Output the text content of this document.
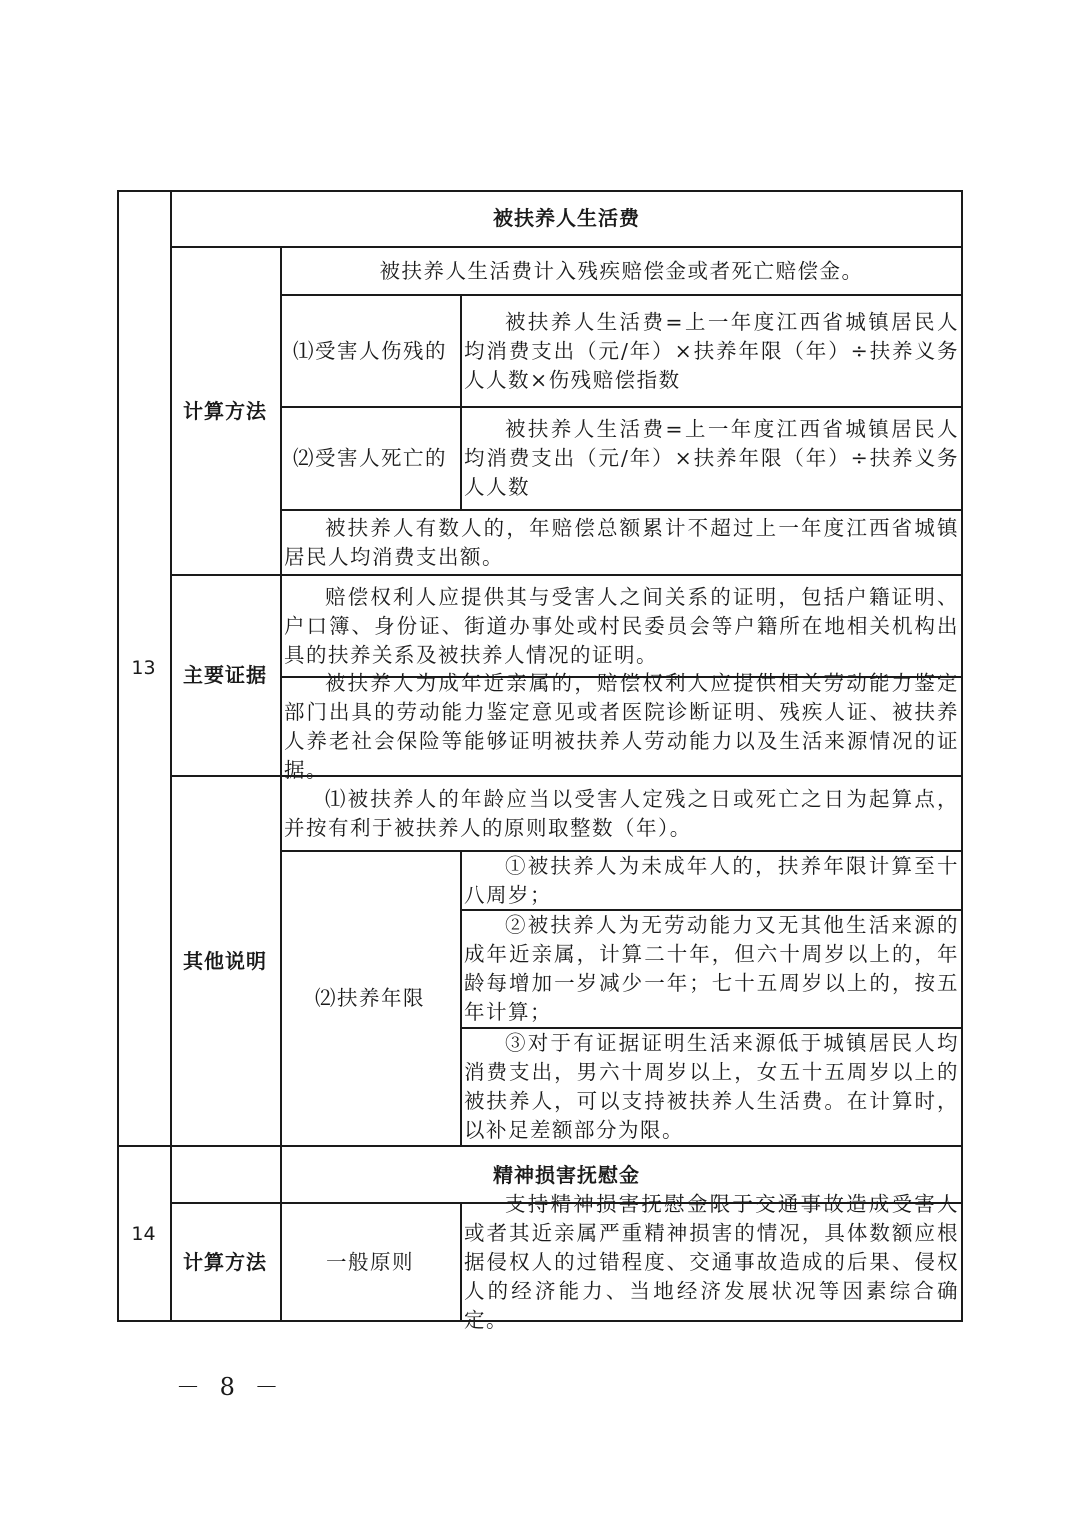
13
被扶养人生活费
计算方法
被扶养人生活费计入残疾赔偿金或者死亡赔偿金。
⑴受害人伤残的
被扶养人生活费=上一年度江西省城镇居民人均消费支出（元/年）×扶养年限（年）÷扶养义务人人数×伤残赔偿指数
⑵受害人死亡的
被扶养人生活费=上一年度江西省城镇居民人均消费支出（元/年）×扶养年限（年）÷扶养义务人人数
被扶养人有数人的，年赔偿总额累计不超过上一年度江西省城镇居民人均消费支出额。
主要证据
赔偿权利人应提供其与受害人之间关系的证明，包括户籍证明、户口簿、身份证、街道办事处或村民委员会等户籍所在地相关机构出具的扶养关系及被扶养人情况的证明。
被扶养人为成年近亲属的，赔偿权利人应提供相关劳动能力鉴定部门出具的劳动能力鉴定意见或者医院诊断证明、残疾人证、被扶养人养老社会保险等能够证明被扶养人劳动能力以及生活来源情况的证据。
其他说明
⑴被扶养人的年龄应当以受害人定残之日或死亡之日为起算点，并按有利于被扶养人的原则取整数（年）。
⑵扶养年限
①被扶养人为未成年人的，扶养年限计算至十八周岁；
②被扶养人为无劳动能力又无其他生活来源的成年近亲属，计算二十年，但六十周岁以上的，年龄每增加一岁减少一年；七十五周岁以上的，按五年计算；
③对于有证据证明生活来源低于城镇居民人均消费支出，男六十周岁以上，女五十五周岁以上的被扶养人，可以支持被扶养人生活费。在计算时，以补足差额部分为限。
14
精神损害抚慰金
计算方法	一般原则
支持精神损害抚慰金限于交通事故造成受害人或者其近亲属严重精神损害的情况，具体数额应根据侵权人的过错程度、交通事故造成的后果、侵权人的经济能力、当地经济发展状况等因素综合确定。
－ 8 －
